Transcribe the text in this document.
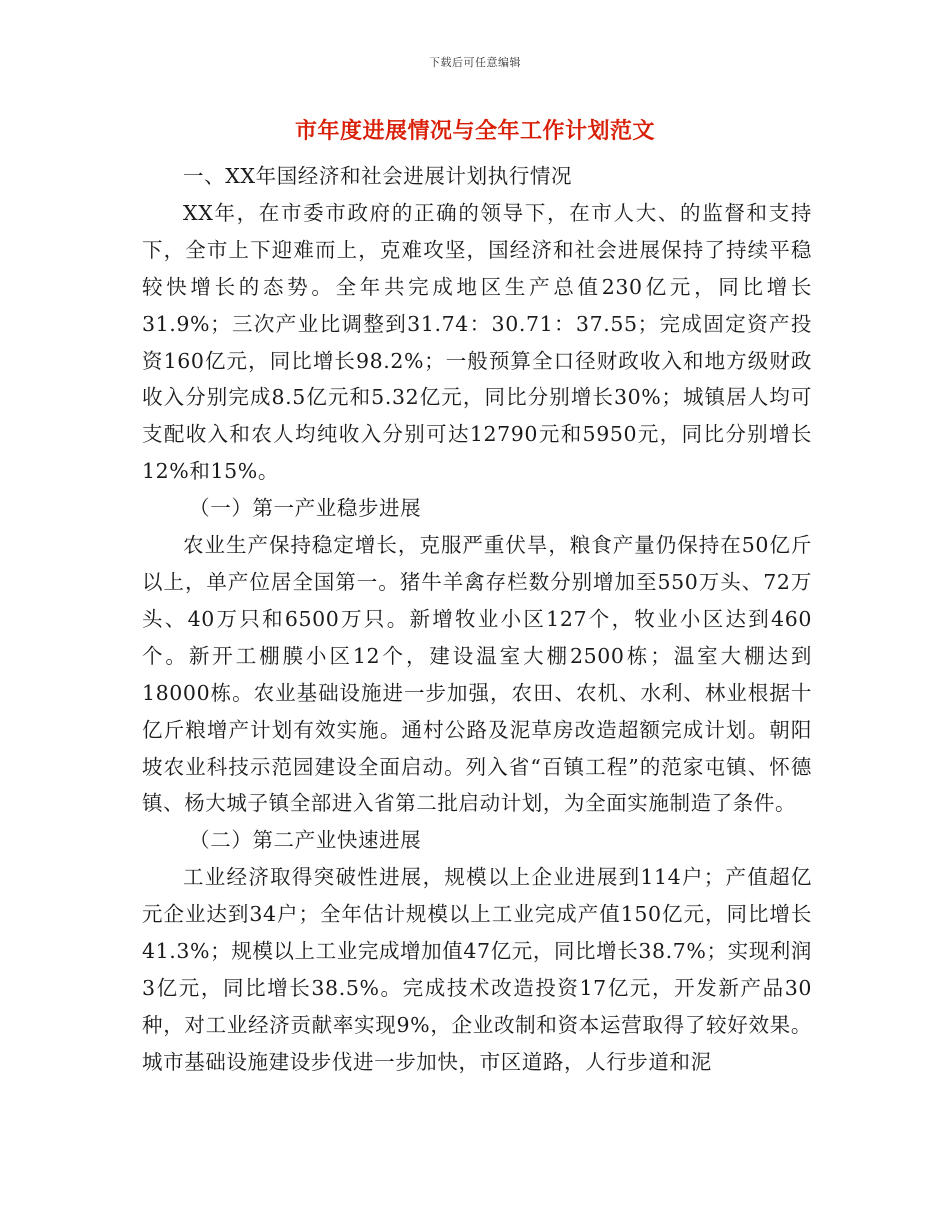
下载后可任意编辑
市年度进展情况与全年工作计划范文

一、XX年国经济和社会进展计划执行情况

XX年，在市委市政府的正确的领导下，在市人大、的监督和支持下，全市上下迎难而上，克难攻坚，国经济和社会进展保持了持续平稳较快增长的态势。全年共完成地区生产总值230亿元，同比增长31.9%；三次产业比调整到31.74：30.71：37.55；完成固定资产投资160亿元，同比增长98.2%；一般预算全口径财政收入和地方级财政收入分别完成8.5亿元和5.32亿元，同比分别增长30%；城镇居人均可支配收入和农人均纯收入分别可达12790元和5950元，同比分别增长12%和15%。

（一）第一产业稳步进展

农业生产保持稳定增长，克服严重伏旱，粮食产量仍保持在50亿斤以上，单产位居全国第一。猪牛羊禽存栏数分别增加至550万头、72万头、40万只和6500万只。新增牧业小区127个，牧业小区达到460个。新开工棚膜小区12个，建设温室大棚2500栋；温室大棚达到18000栋。农业基础设施进一步加强，农田、农机、水利、林业根据十亿斤粮增产计划有效实施。通村公路及泥草房改造超额完成计划。朝阳坡农业科技示范园建设全面启动。列入省“百镇工程”的范家屯镇、怀德镇、杨大城子镇全部进入省第二批启动计划，为全面实施制造了条件。

（二）第二产业快速进展

工业经济取得突破性进展，规模以上企业进展到114户；产值超亿元企业达到34户；全年估计规模以上工业完成产值150亿元，同比增长41.3%；规模以上工业完成增加值47亿元，同比增长38.7%；实现利润3亿元，同比增长38.5%。完成技术改造投资17亿元，开发新产品30种，对工业经济贡献率实现9%，企业改制和资本运营取得了较好效果。城市基础设施建设步伐进一步加快，市区道路，人行步道和泥
